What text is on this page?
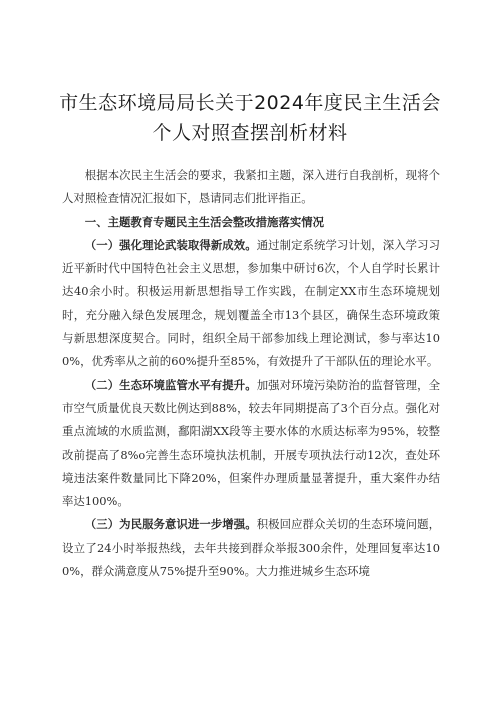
市生态环境局局长关于2024年度民主生活会
个人对照查摆剖析材料

根据本次民主生活会的要求，我紧扣主题，深入进行自我剖析，现将个人对照检查情况汇报如下，恳请同志们批评指正。

一、主题教育专题民主生活会整改措施落实情况

（一）强化理论武装取得新成效。通过制定系统学习计划，深入学习习近平新时代中国特色社会主义思想，参加集中研讨6次，个人自学时长累计达40余小时。积极运用新思想指导工作实践，在制定XX市生态环境规划时，充分融入绿色发展理念，规划覆盖全市13个县区，确保生态环境政策与新思想深度契合。同时，组织全局干部参加线上理论测试，参与率达100%，优秀率从之前的60%提升至85%，有效提升了干部队伍的理论水平。

（二）生态环境监管水平有提升。加强对环境污染防治的监督管理，全市空气质量优良天数比例达到88%，较去年同期提高了3个百分点。强化对重点流域的水质监测，鄱阳湖XX段等主要水体的水质达标率为95%，较整改前提高了8%o完善生态环境执法机制，开展专项执法行动12次，查处环境违法案件数量同比下降20%，但案件办理质量显著提升，重大案件办结率达100%。

（三）为民服务意识进一步增强。积极回应群众关切的生态环境问题，设立了24小时举报热线，去年共接到群众举报300余件，处理回复率达100%，群众满意度从75%提升至90%。大力推进城乡生态环境
